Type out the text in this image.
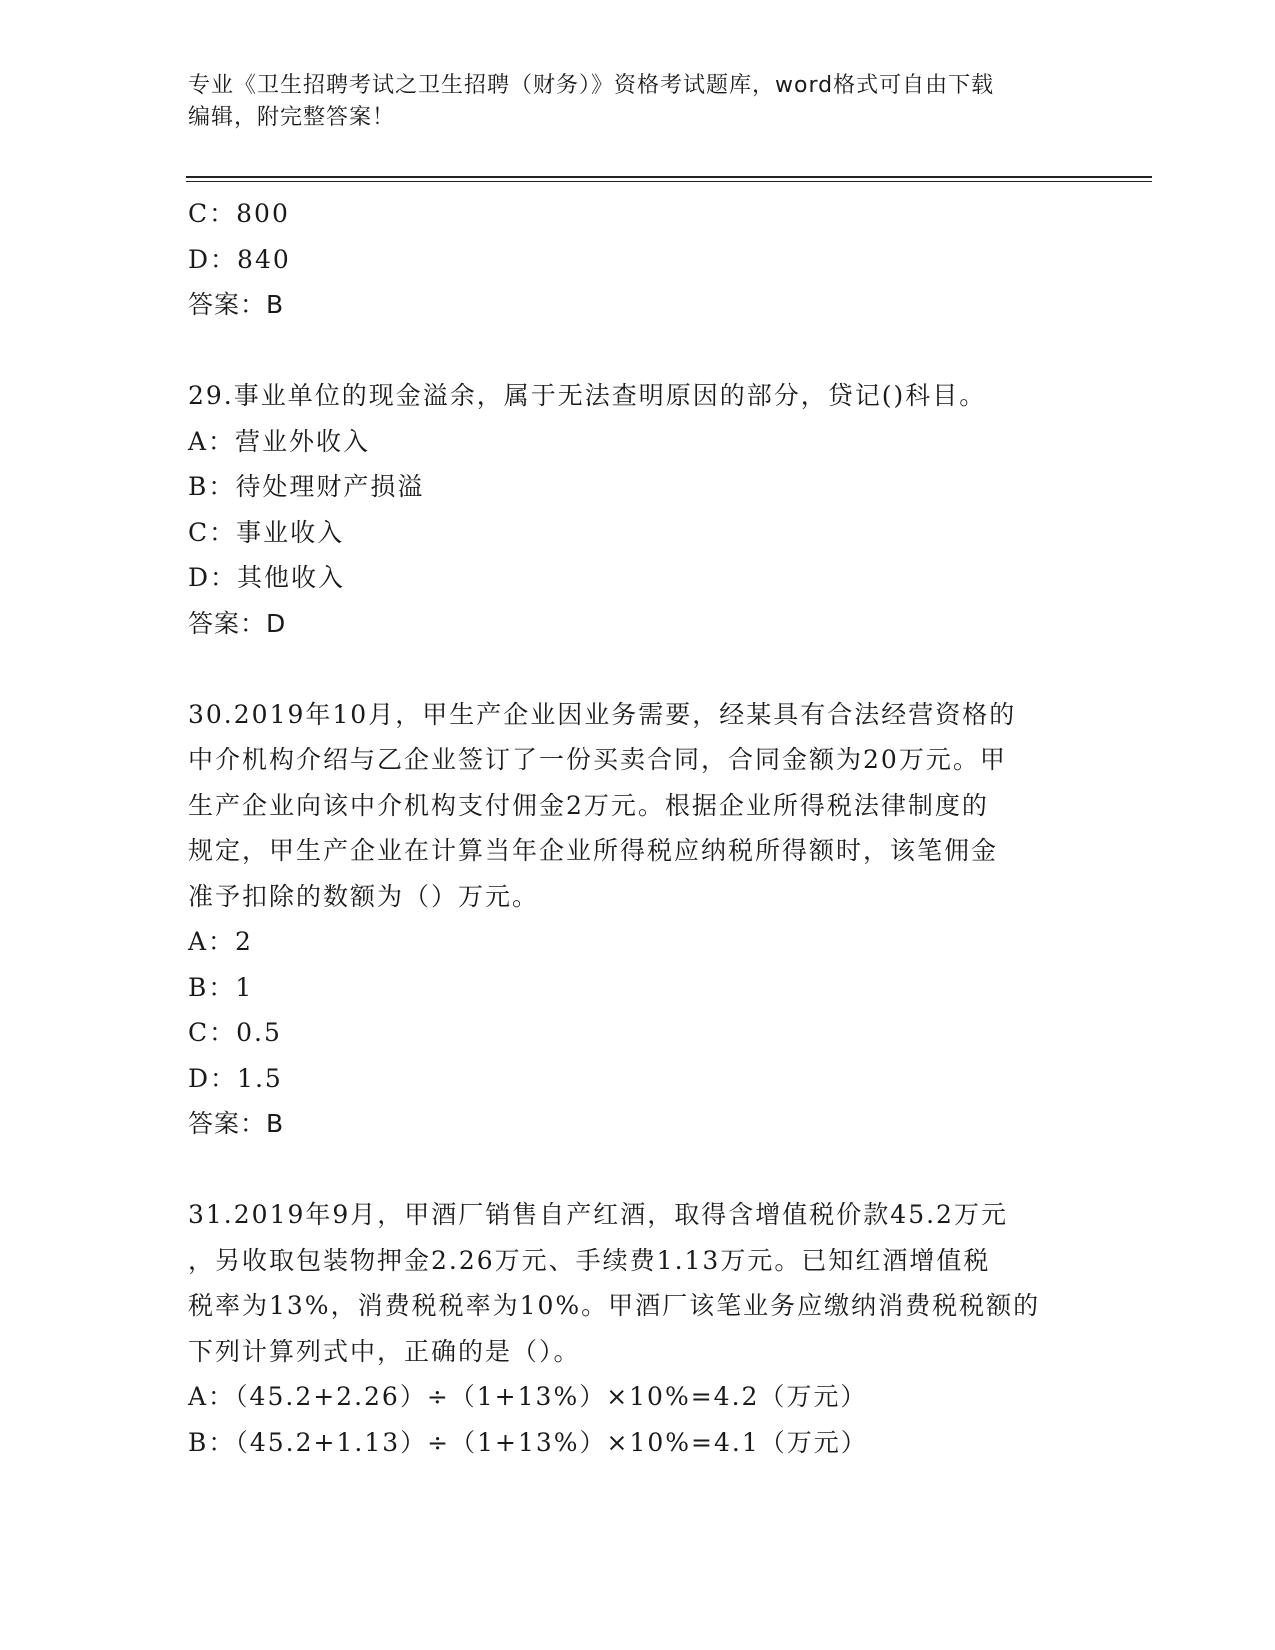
专业《卫生招聘考试之卫生招聘（财务）》资格考试题库，word格式可自由下载
编辑，附完整答案！
C：800
D：840
答案：B
29.事业单位的现金溢余，属于无法查明原因的部分，贷记()科目。
A：营业外收入
B：待处理财产损溢
C：事业收入
D：其他收入
答案：D
30.2019年10月，甲生产企业因业务需要，经某具有合法经营资格的
中介机构介绍与乙企业签订了一份买卖合同，合同金额为20万元。甲
生产企业向该中介机构支付佣金2万元。根据企业所得税法律制度的
规定，甲生产企业在计算当年企业所得税应纳税所得额时，该笔佣金
准予扣除的数额为（）万元。
A：2
B：1
C：0.5
D：1.5
答案：B
31.2019年9月，甲酒厂销售自产红酒，取得含增值税价款45.2万元
，另收取包装物押金2.26万元、手续费1.13万元。已知红酒增值税
税率为13%，消费税税率为10%。甲酒厂该笔业务应缴纳消费税税额的
下列计算列式中，正确的是（）。
A：（45.2+2.26）÷（1+13%）×10%=4.2（万元）
B：（45.2+1.13）÷（1+13%）×10%=4.1（万元）
